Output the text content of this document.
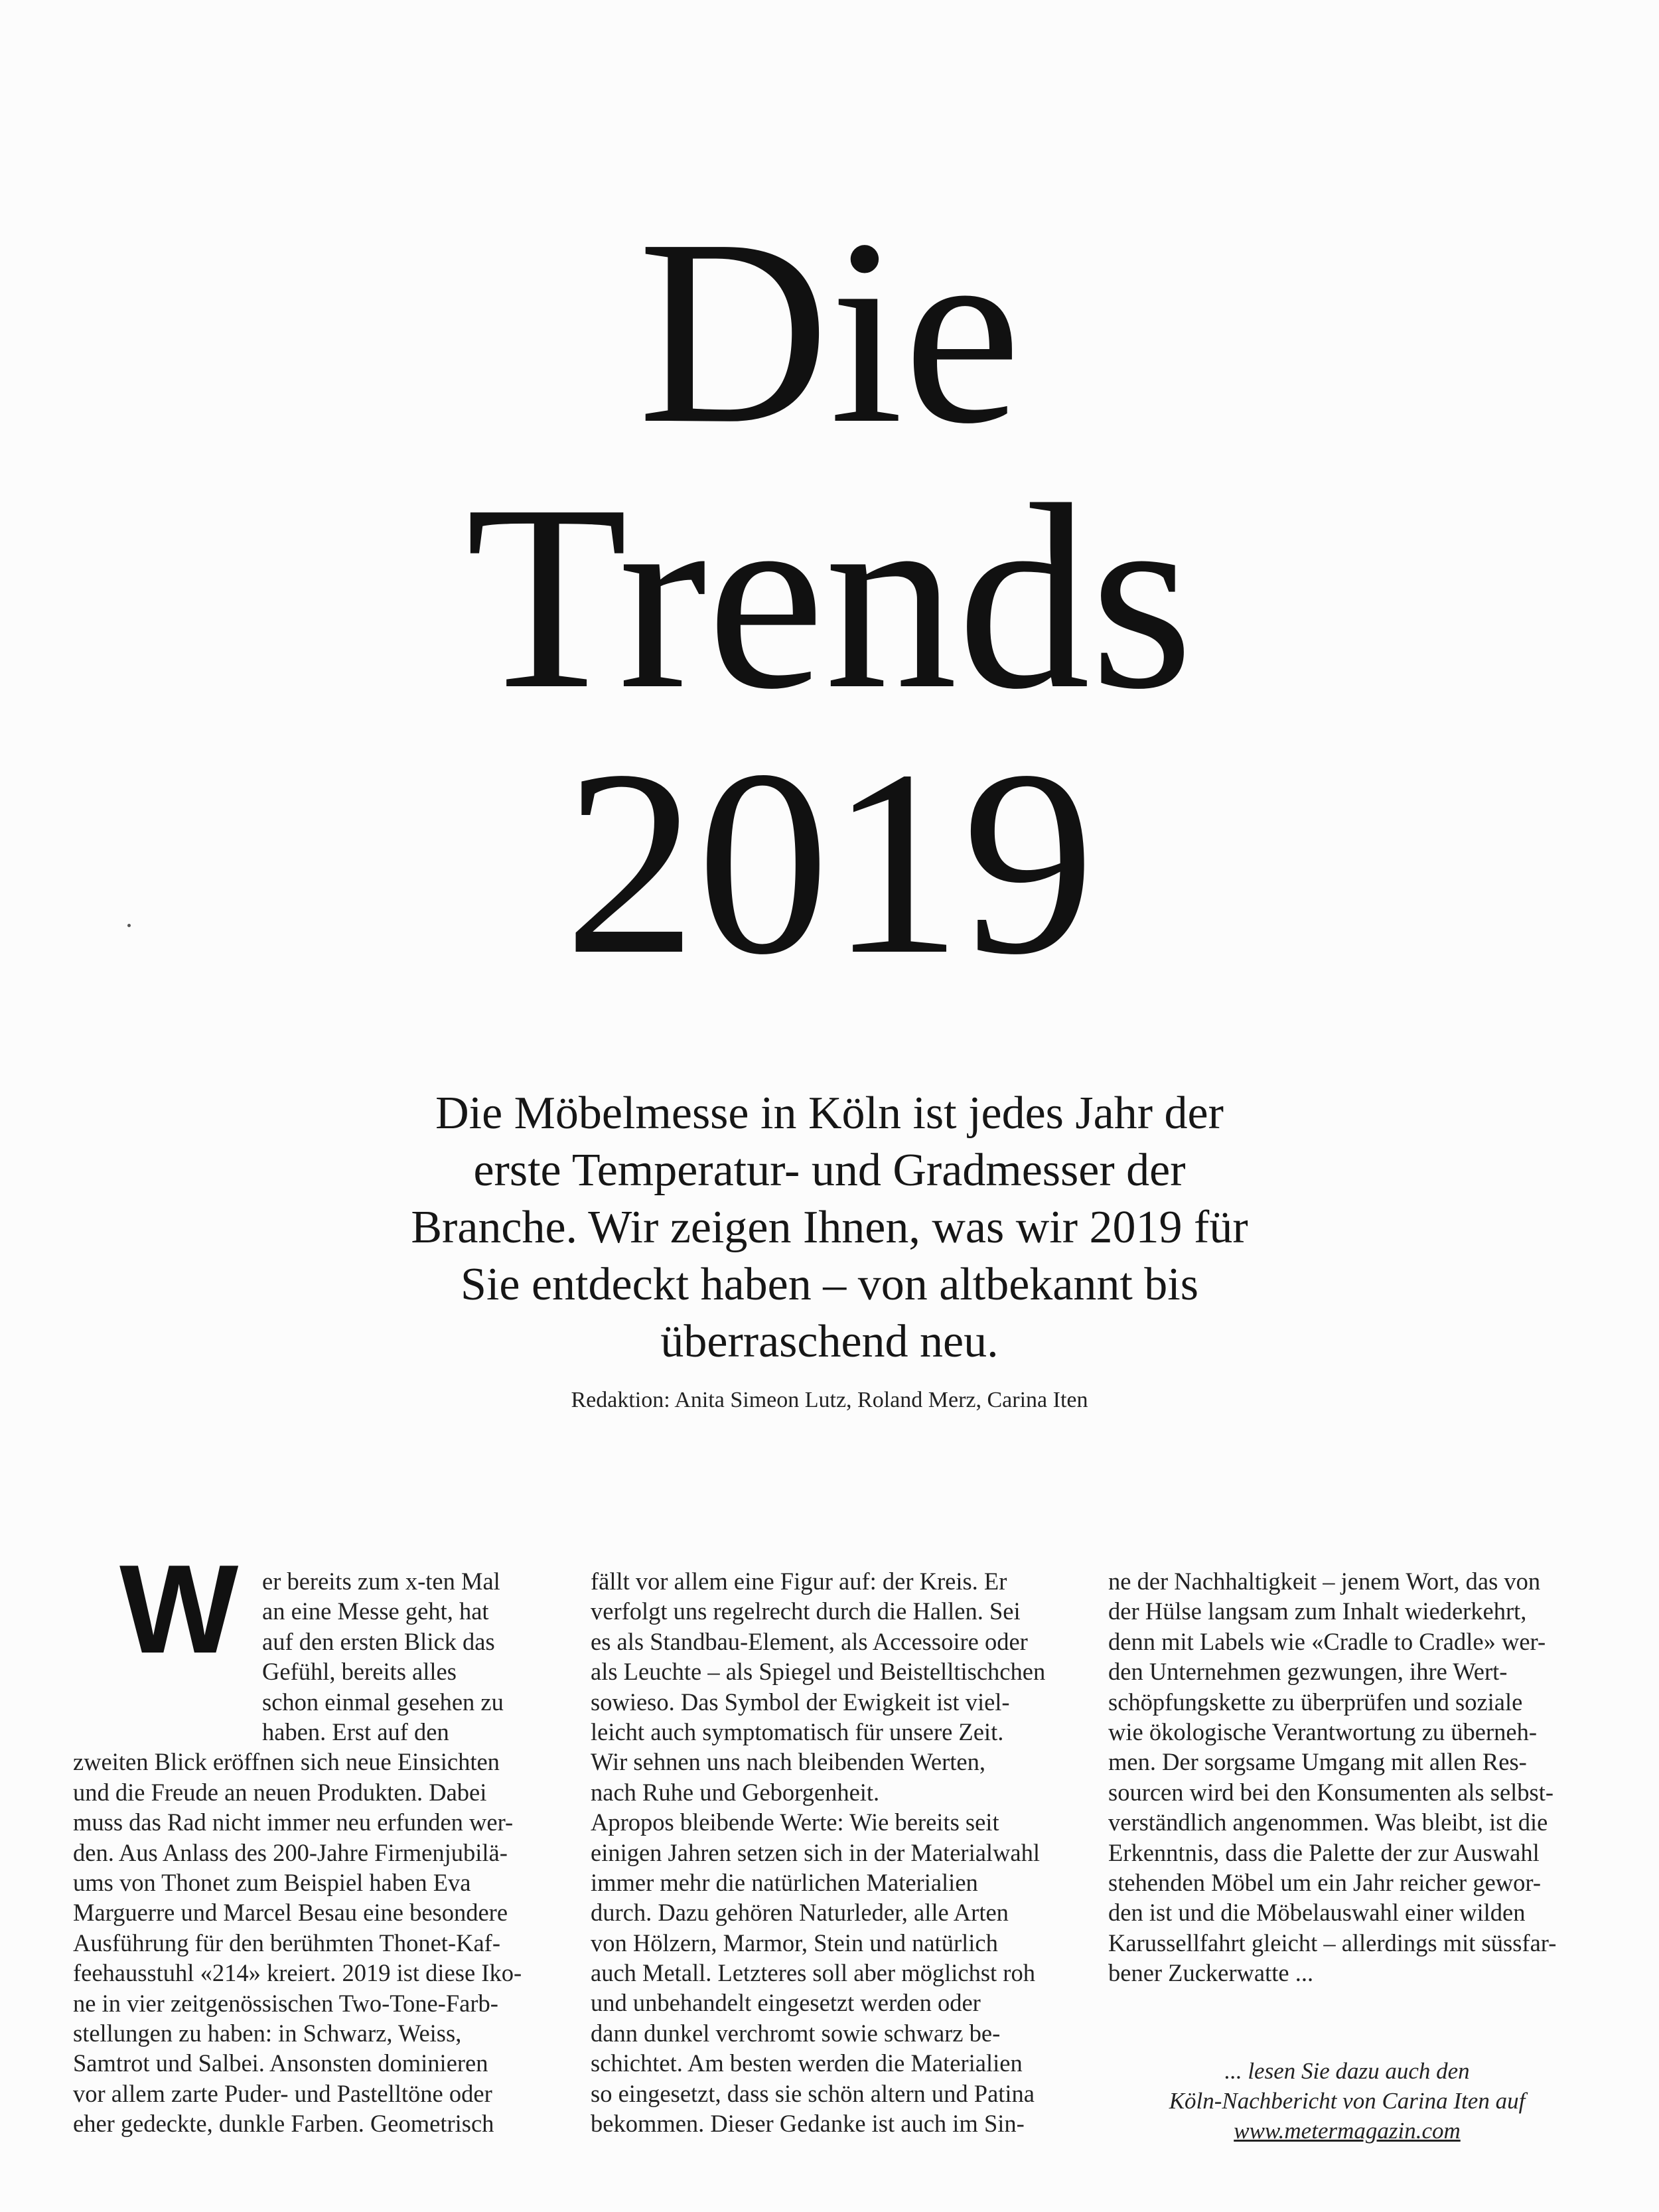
Die
Trends
2019
Die Möbelmesse in Köln ist jedes Jahr der
erste Temperatur- und Gradmesser der
Branche. Wir zeigen Ihnen, was wir 2019 für
Sie entdeckt haben – von altbekannt bis
überraschend neu.
Redaktion: Anita Simeon Lutz, Roland Merz, Carina Iten
W er bereits zum x-ten Mal
an eine Messe geht, hat
auf den ersten Blick das
Gefühl, bereits alles
schon einmal gesehen zu
haben. Erst auf den
zweiten Blick eröffnen sich neue Einsichten
und die Freude an neuen Produkten. Dabei
muss das Rad nicht immer neu erfunden wer-
den. Aus Anlass des 200-Jahre Firmenjubilä-
ums von Thonet zum Beispiel haben Eva
Marguerre und Marcel Besau eine besondere
Ausführung für den berühmten Thonet-Kaf-
feehausstuhl «214» kreiert. 2019 ist diese Iko-
ne in vier zeitgenössischen Two-Tone-Farb-
stellungen zu haben: in Schwarz, Weiss,
Samtrot und Salbei. Ansonsten dominieren
vor allem zarte Puder- und Pastelltöne oder
eher gedeckte, dunkle Farben. Geometrisch
fällt vor allem eine Figur auf: der Kreis. Er
verfolgt uns regelrecht durch die Hallen. Sei
es als Standbau-Element, als Accessoire oder
als Leuchte – als Spiegel und Beistelltischchen
sowieso. Das Symbol der Ewigkeit ist viel-
leicht auch symptomatisch für unsere Zeit.
Wir sehnen uns nach bleibenden Werten,
nach Ruhe und Geborgenheit.
Apropos bleibende Werte: Wie bereits seit
einigen Jahren setzen sich in der Materialwahl
immer mehr die natürlichen Materialien
durch. Dazu gehören Naturleder, alle Arten
von Hölzern, Marmor, Stein und natürlich
auch Metall. Letzteres soll aber möglichst roh
und unbehandelt eingesetzt werden oder
dann dunkel verchromt sowie schwarz be-
schichtet. Am besten werden die Materialien
so eingesetzt, dass sie schön altern und Patina
bekommen. Dieser Gedanke ist auch im Sin-
ne der Nachhaltigkeit – jenem Wort, das von
der Hülse langsam zum Inhalt wiederkehrt,
denn mit Labels wie «Cradle to Cradle» wer-
den Unternehmen gezwungen, ihre Wert-
schöpfungskette zu überprüfen und soziale
wie ökologische Verantwortung zu überneh-
men. Der sorgsame Umgang mit allen Res-
sourcen wird bei den Konsumenten als selbst-
verständlich angenommen. Was bleibt, ist die
Erkenntnis, dass die Palette der zur Auswahl
stehenden Möbel um ein Jahr reicher gewor-
den ist und die Möbelauswahl einer wilden
Karussellfahrt gleicht – allerdings mit süssfar-
bener Zuckerwatte ...
... lesen Sie dazu auch den
Köln-Nachbericht von Carina Iten auf
www.metermagazin.com
